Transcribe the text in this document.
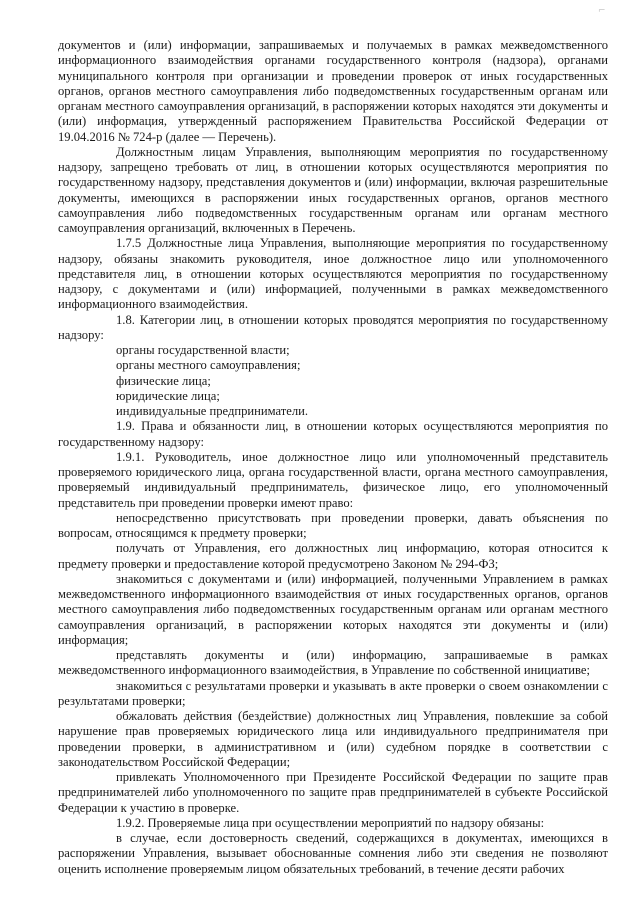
⌐

документов и (или) информации, запрашиваемых и получаемых в рамках межведомственного информационного взаимодействия органами государственного контроля (надзора), органами муниципального контроля при организации и проведении проверок от иных государственных органов, органов местного самоуправления либо подведомственных государственным органам или органам местного самоуправления организаций, в распоряжении которых находятся эти документы и (или) информация, утвержденный распоряжением Правительства Российской Федерации от 19.04.2016 № 724-р (далее — Перечень).

Должностным лицам Управления, выполняющим мероприятия по государственному надзору, запрещено требовать от лиц, в отношении которых осуществляются мероприятия по государственному надзору, представления документов и (или) информации, включая разрешительные документы, имеющихся в распоряжении иных государственных органов, органов местного самоуправления либо подведомственных государственным органам или органам местного самоуправления организаций, включенных в Перечень.

1.7.5 Должностные лица Управления, выполняющие мероприятия по государственному надзору, обязаны знакомить руководителя, иное должностное лицо или уполномоченного представителя лиц, в отношении которых осуществляются мероприятия по государственному надзору, с документами и (или) информацией, полученными в рамках межведомственного информационного взаимодействия.

1.8. Категории лиц, в отношении которых проводятся мероприятия по государственному надзору:

органы государственной власти;

органы местного самоуправления;

физические лица;

юридические лица;

индивидуальные предприниматели.

1.9. Права и обязанности лиц, в отношении которых осуществляются мероприятия по государственному надзору:

1.9.1. Руководитель, иное должностное лицо или уполномоченный представитель проверяемого юридического лица, органа государственной власти, органа местного самоуправления, проверяемый индивидуальный предприниматель, физическое лицо, его уполномоченный представитель при проведении проверки имеют право:

непосредственно присутствовать при проведении проверки, давать объяснения по вопросам, относящимся к предмету проверки;

получать от Управления, его должностных лиц информацию, которая относится к предмету проверки и предоставление которой предусмотрено Законом № 294-ФЗ;

знакомиться с документами и (или) информацией, полученными Управлением в рамках межведомственного информационного взаимодействия от иных государственных органов, органов местного самоуправления либо подведомственных государственным органам или органам местного самоуправления организаций, в распоряжении которых находятся эти документы и (или) информация;

представлять документы и (или) информацию, запрашиваемые в рамках межведомственного информационного взаимодействия, в Управление по собственной инициативе;

знакомиться с результатами проверки и указывать в акте проверки о своем ознакомлении с результатами проверки;

обжаловать действия (бездействие) должностных лиц Управления, повлекшие за собой нарушение прав проверяемых юридического лица или индивидуального предпринимателя при проведении проверки, в административном и (или) судебном порядке в соответствии с законодательством Российской Федерации;

привлекать Уполномоченного при Президенте Российской Федерации по защите прав предпринимателей либо уполномоченного по защите прав предпринимателей в субъекте Российской Федерации к участию в проверке.

1.9.2. Проверяемые лица при осуществлении мероприятий по надзору обязаны:

в случае, если достоверность сведений, содержащихся в документах, имеющихся в распоряжении Управления, вызывает обоснованные сомнения либо эти сведения не позволяют оценить исполнение проверяемым лицом обязательных требований, в течение десяти рабочих
